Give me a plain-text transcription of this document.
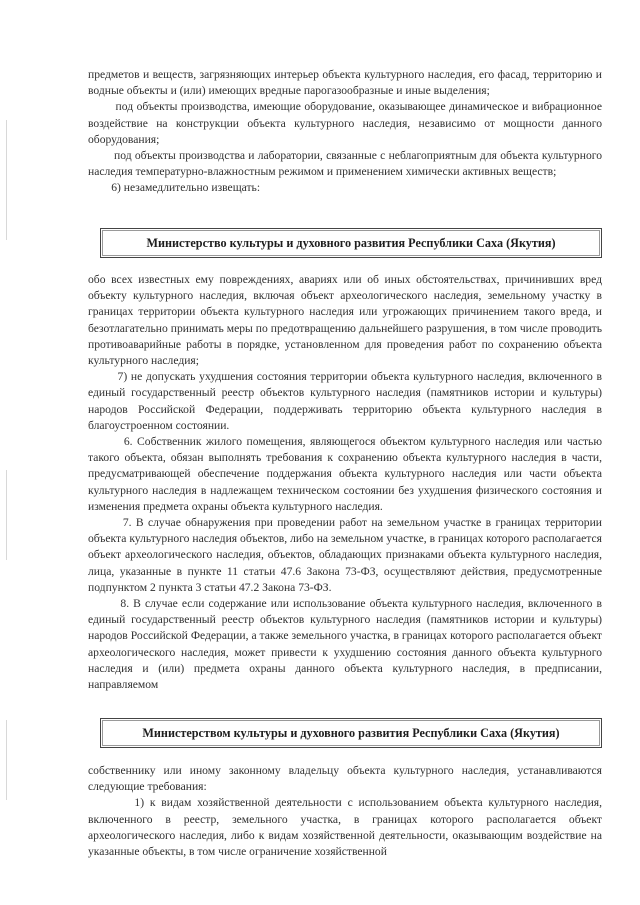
предметов и веществ, загрязняющих интерьер объекта культурного наследия, его фасад, территорию и водные объекты и (или) имеющих вредные парогазообразные и иные выделения;
под объекты производства, имеющие оборудование, оказывающее динамическое и вибрационное воздействие на конструкции объекта культурного наследия, независимо от мощности данного оборудования;
под объекты производства и лаборатории, связанные с неблагоприятным для объекта культурного наследия температурно-влажностным режимом и применением химически активных веществ;
6) незамедлительно извещать:
Министерство культуры и духовного развития Республики Саха (Якутия)
обо всех известных ему повреждениях, авариях или об иных обстоятельствах, причинивших вред объекту культурного наследия, включая объект археологического наследия, земельному участку в границах территории объекта культурного наследия или угрожающих причинением такого вреда, и безотлагательно принимать меры по предотвращению дальнейшего разрушения, в том числе проводить противоаварийные работы в порядке, установленном для проведения работ по сохранению объекта культурного наследия;
7) не допускать ухудшения состояния территории объекта культурного наследия, включенного в единый государственный реестр объектов культурного наследия (памятников истории и культуры) народов Российской Федерации, поддерживать территорию объекта культурного наследия в благоустроенном состоянии.
6. Собственник жилого помещения, являющегося объектом культурного наследия или частью такого объекта, обязан выполнять требования к сохранению объекта культурного наследия в части, предусматривающей обеспечение поддержания объекта культурного наследия или части объекта культурного наследия в надлежащем техническом состоянии без ухудшения физического состояния и изменения предмета охраны объекта культурного наследия.
7. В случае обнаружения при проведении работ на земельном участке в границах территории объекта культурного наследия объектов, либо на земельном участке, в границах которого располагается объект археологического наследия, объектов, обладающих признаками объекта культурного наследия, лица, указанные в пункте 11 статьи 47.6 Закона 73-ФЗ, осуществляют действия, предусмотренные подпунктом 2 пункта 3 статьи 47.2 Закона 73-ФЗ.
8. В случае если содержание или использование объекта культурного наследия, включенного в единый государственный реестр объектов культурного наследия (памятников истории и культуры) народов Российской Федерации, а также земельного участка, в границах которого располагается объект археологического наследия, может привести к ухудшению состояния данного объекта культурного наследия и (или) предмета охраны данного объекта культурного наследия, в предписании, направляемом
Министерством культуры и духовного развития Республики Саха (Якутия)
собственнику или иному законному владельцу объекта культурного наследия, устанавливаются следующие требования:
1) к видам хозяйственной деятельности с использованием объекта культурного наследия, включенного в реестр, земельного участка, в границах которого располагается объект археологического наследия, либо к видам хозяйственной деятельности, оказывающим воздействие на указанные объекты, в том числе ограничение хозяйственной
